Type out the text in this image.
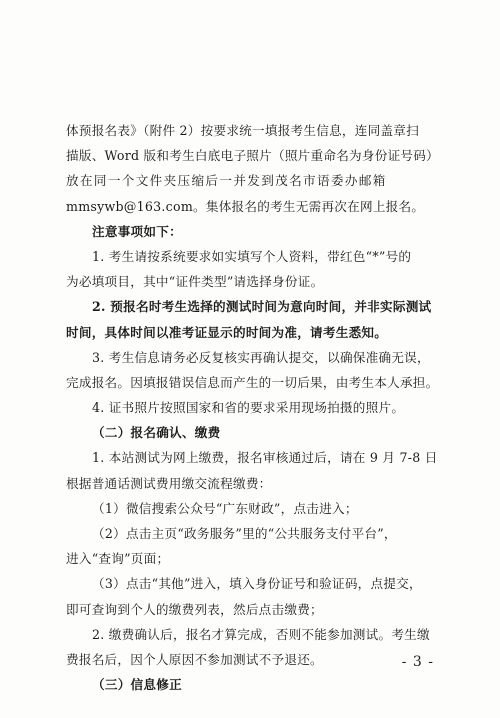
体预报名表》（附件 2）按要求统一填报考生信息，连同盖章扫
描版、Word 版和考生白底电子照片（照片重命名为身份证号码）
放在同一个文件夹压缩后一并发到茂名市语委办邮箱
mmsywb@163.com。集体报名的考生无需再次在网上报名。
注意事项如下：
1. 考生请按系统要求如实填写个人资料，带红色“*”号的
为必填项目，其中“证件类型”请选择身份证。
2. 预报名时考生选择的测试时间为意向时间，并非实际测试
时间，具体时间以准考证显示的时间为准，请考生悉知。
3. 考生信息请务必反复核实再确认提交，以确保准确无误，
完成报名。因填报错误信息而产生的一切后果，由考生本人承担。
4. 证书照片按照国家和省的要求采用现场拍摄的照片。
（二）报名确认、缴费
1. 本站测试为网上缴费，报名审核通过后，请在 9 月 7-8 日
根据普通话测试费用缴交流程缴费：
（1）微信搜索公众号“广东财政”，点击进入；
（2）点击主页“政务服务”里的“公共服务支付平台”，
进入“查询”页面；
（3）点击“其他”进入，填入身份证号和验证码，点提交，
即可查询到个人的缴费列表，然后点击缴费；
2. 缴费确认后，报名才算完成，否则不能参加测试。考生缴
费报名后，因个人原因不参加测试不予退还。
（三）信息修正
- 3 -
